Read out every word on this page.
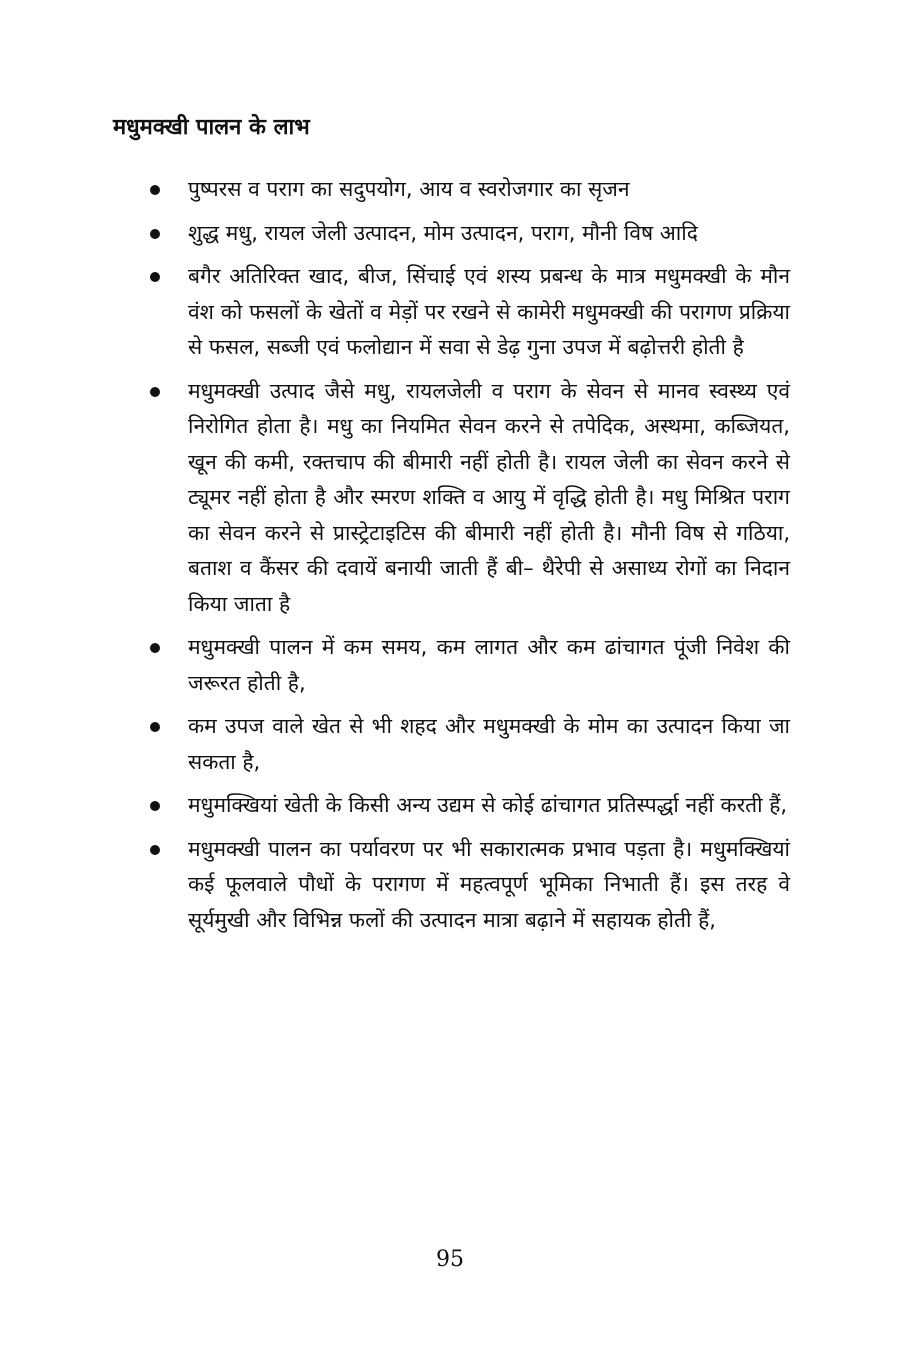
मधुमक्खी पालन के लाभ
पुष्परस व पराग का सदुपयोग, आय व स्वरोजगार का सृजन
शुद्ध मधु, रायल जेली उत्पादन, मोम उत्पादन, पराग, मौनी विष आदि
बगैर अतिरिक्त खाद, बीज, सिंचाई एवं शस्य प्रबन्ध के मात्र मधुमक्खी के मौन वंश को फसलों के खेतों व मेड़ों पर रखने से कामेरी मधुमक्खी की परागण प्रक्रिया से फसल, सब्जी एवं फलोद्यान में सवा से डेढ़ गुना उपज में बढ़ोत्तरी होती है
मधुमक्खी उत्पाद जैसे मधु, रायलजेली व पराग के सेवन से मानव स्वस्थ्य एवं निरोगित होता है। मधु का नियमित सेवन करने से तपेदिक, अस्थमा, कब्जियत, खून की कमी, रक्तचाप की बीमारी नहीं होती है। रायल जेली का सेवन करने से ट्यूमर नहीं होता है और स्मरण शक्ति व आयु में वृद्धि होती है। मधु मिश्रित पराग का सेवन करने से प्रास्ट्रेटाइटिस की बीमारी नहीं होती है। मौनी विष से गठिया, बताश व कैंसर की दवायें बनायी जाती हैं बी– थैरेपी से असाध्य रोगों का निदान किया जाता है
मधुमक्खी पालन में कम समय, कम लागत और कम ढांचागत पूंजी निवेश की जरूरत होती है,
कम उपज वाले खेत से भी शहद और मधुमक्खी के मोम का उत्पादन किया जा सकता है,
मधुमक्खियां खेती के किसी अन्य उद्यम से कोई ढांचागत प्रतिस्पर्द्धा नहीं करती हैं,
मधुमक्खी पालन का पर्यावरण पर भी सकारात्मक प्रभाव पड़ता है। मधुमक्खियां कई फूलवाले पौधों के परागण में महत्वपूर्ण भूमिका निभाती हैं। इस तरह वे सूर्यमुखी और विभिन्न फलों की उत्पादन मात्रा बढ़ाने में सहायक होती हैं,
95
